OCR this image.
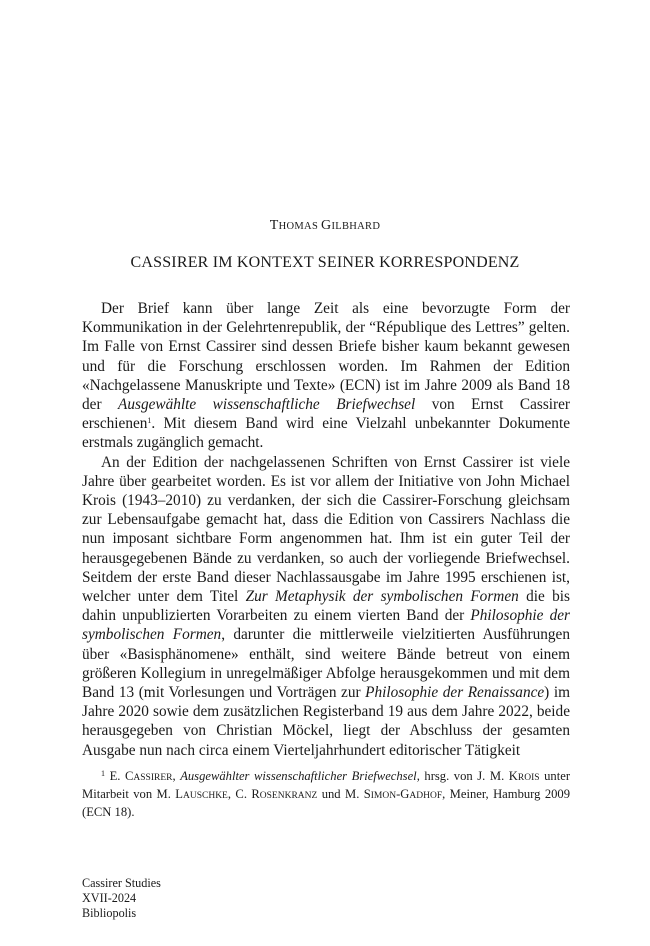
THOMAS GILBHARD
CASSIRER IM KONTEXT SEINER KORRESPONDENZ

Der Brief kann über lange Zeit als eine bevorzugte Form der Kommunikation in der Gelehrtenrepublik, der “République des Lettres” gelten. Im Falle von Ernst Cassirer sind dessen Briefe bisher kaum bekannt gewesen und für die Forschung erschlossen worden. Im Rahmen der Edition «Nachgelassene Manuskripte und Texte» (ECN) ist im Jahre 2009 als Band 18 der Ausgewählte wissenschaftliche Briefwechsel von Ernst Cassirer erschienen$^1$. Mit diesem Band wird eine Vielzahl unbekannter Dokumente erstmals zugänglich gemacht.

An der Edition der nachgelassenen Schriften von Ernst Cassirer ist viele Jahre über gearbeitet worden. Es ist vor allem der Initiative von John Michael Krois (1943–2010) zu verdanken, der sich die Cassirer-Forschung gleichsam zur Lebensaufgabe gemacht hat, dass die Edition von Cassirers Nachlass die nun imposant sichtbare Form angenommen hat. Ihm ist ein guter Teil der herausgegebenen Bände zu verdanken, so auch der vorliegende Briefwechsel. Seitdem der erste Band dieser Nachlassausgabe im Jahre 1995 erschienen ist, welcher unter dem Titel Zur Metaphysik der symbolischen Formen die bis dahin unpublizierten Vorarbeiten zu einem vierten Band der Philosophie der symbolischen Formen, darunter die mittlerweile vielzitierten Ausführungen über «Basisphänomene» enthält, sind weitere Bände betreut von einem größeren Kollegium in unregelmäßiger Abfolge herausgekommen und mit dem Band 13 (mit Vorlesungen und Vorträgen zur Philosophie der Renaissance) im Jahre 2020 sowie dem zusätzlichen Registerband 19 aus dem Jahre 2022, beide herausgegeben von Christian Möckel, liegt der Abschluss der gesamten Ausgabe nun nach circa einem Vierteljahrhundert editorischer Tätigkeit

$^1$ E. CASSIRER, Ausgewählter wissenschaftlicher Briefwechsel, hrsg. von J. M. KROIS unter Mitarbeit von M. LAUSCHKE, C. ROSENKRANZ und M. SIMON-GADHOF, Meiner, Hamburg 2009 (ECN 18).

Cassirer Studies
XVII-2024
Bibliopolis
